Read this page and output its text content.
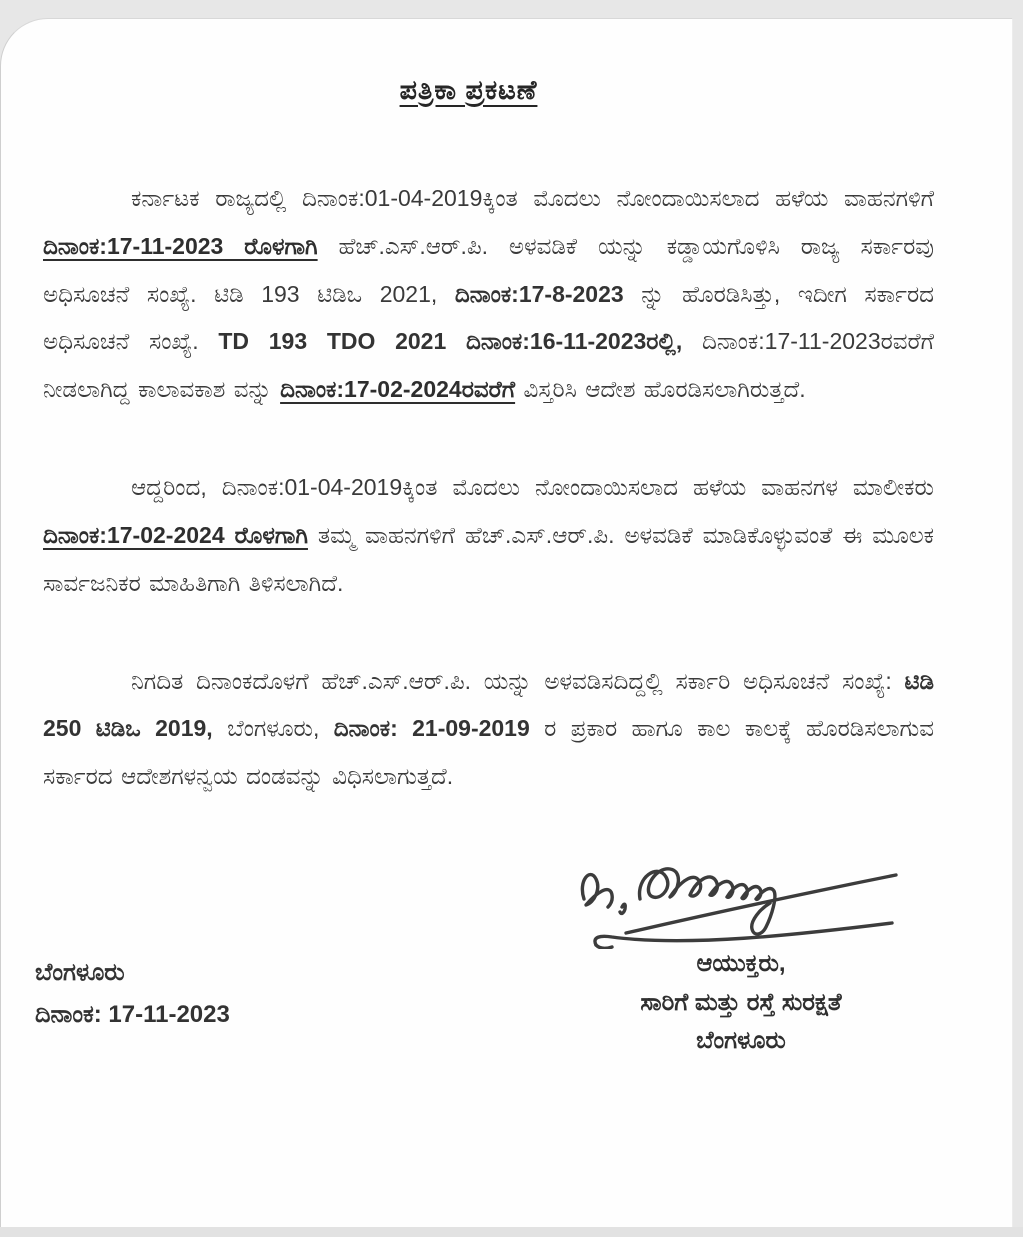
ಪತ್ರಿಕಾ ಪ್ರಕಟಣೆ

ಕರ್ನಾಟಕ ರಾಜ್ಯದಲ್ಲಿ ದಿನಾಂಕ:01-04-2019ಕ್ಕಿಂತ ಮೊದಲು ನೋಂದಾಯಿಸಲಾದ ಹಳೆಯ ವಾಹನಗಳಿಗೆ ದಿನಾಂಕ:17-11-2023 ರೊಳಗಾಗಿ ಹೆಚ್.ಎಸ್.ಆರ್.ಪಿ. ಅಳವಡಿಕೆ ಯನ್ನು ಕಡ್ಡಾಯಗೊಳಿಸಿ ರಾಜ್ಯ ಸರ್ಕಾರವು ಅಧಿಸೂಚನೆ ಸಂಖ್ಯೆ. ಟಿಡಿ 193 ಟಿಡಿಒ 2021, ದಿನಾಂಕ:17-8-2023 ನ್ನು ಹೊರಡಿಸಿತ್ತು, ಇದೀಗ ಸರ್ಕಾರದ ಅಧಿಸೂಚನೆ ಸಂಖ್ಯೆ. TD 193 TDO 2021 ದಿನಾಂಕ:16-11-2023ರಲ್ಲಿ, ದಿನಾಂಕ:17-11-2023ರವರೆಗೆ ನೀಡಲಾಗಿದ್ದ ಕಾಲಾವಕಾಶ ವನ್ನು ದಿನಾಂಕ:17-02-2024ರವರೆಗೆ ವಿಸ್ತರಿಸಿ ಆದೇಶ ಹೊರಡಿಸಲಾಗಿರುತ್ತದೆ.

ಆದ್ದರಿಂದ, ದಿನಾಂಕ:01-04-2019ಕ್ಕಿಂತ ಮೊದಲು ನೋಂದಾಯಿಸಲಾದ ಹಳೆಯ ವಾಹನಗಳ ಮಾಲೀಕರು ದಿನಾಂಕ:17-02-2024 ರೊಳಗಾಗಿ ತಮ್ಮ ವಾಹನಗಳಿಗೆ ಹೆಚ್.ಎಸ್.ಆರ್.ಪಿ. ಅಳವಡಿಕೆ ಮಾಡಿಕೊಳ್ಳುವಂತೆ ಈ ಮೂಲಕ ಸಾರ್ವಜನಿಕರ ಮಾಹಿತಿಗಾಗಿ ತಿಳಿಸಲಾಗಿದೆ.

ನಿಗದಿತ ದಿನಾಂಕದೊಳಗೆ ಹೆಚ್.ಎಸ್.ಆರ್.ಪಿ. ಯನ್ನು ಅಳವಡಿಸದಿದ್ದಲ್ಲಿ ಸರ್ಕಾರಿ ಅಧಿಸೂಚನೆ ಸಂಖ್ಯೆ: ಟಿಡಿ 250 ಟಿಡಿಒ 2019, ಬೆಂಗಳೂರು, ದಿನಾಂಕ: 21-09-2019 ರ ಪ್ರಕಾರ ಹಾಗೂ ಕಾಲ ಕಾಲಕ್ಕೆ ಹೊರಡಿಸಲಾಗುವ ಸರ್ಕಾರದ ಆದೇಶಗಳನ್ವಯ ದಂಡವನ್ನು ವಿಧಿಸಲಾಗುತ್ತದೆ.

ಬೆಂಗಳೂರು
ದಿನಾಂಕ: 17-11-2023
ಆಯುಕ್ತರು,
ಸಾರಿಗೆ ಮತ್ತು ರಸ್ತೆ ಸುರಕ್ಷತೆ
ಬೆಂಗಳೂರು
